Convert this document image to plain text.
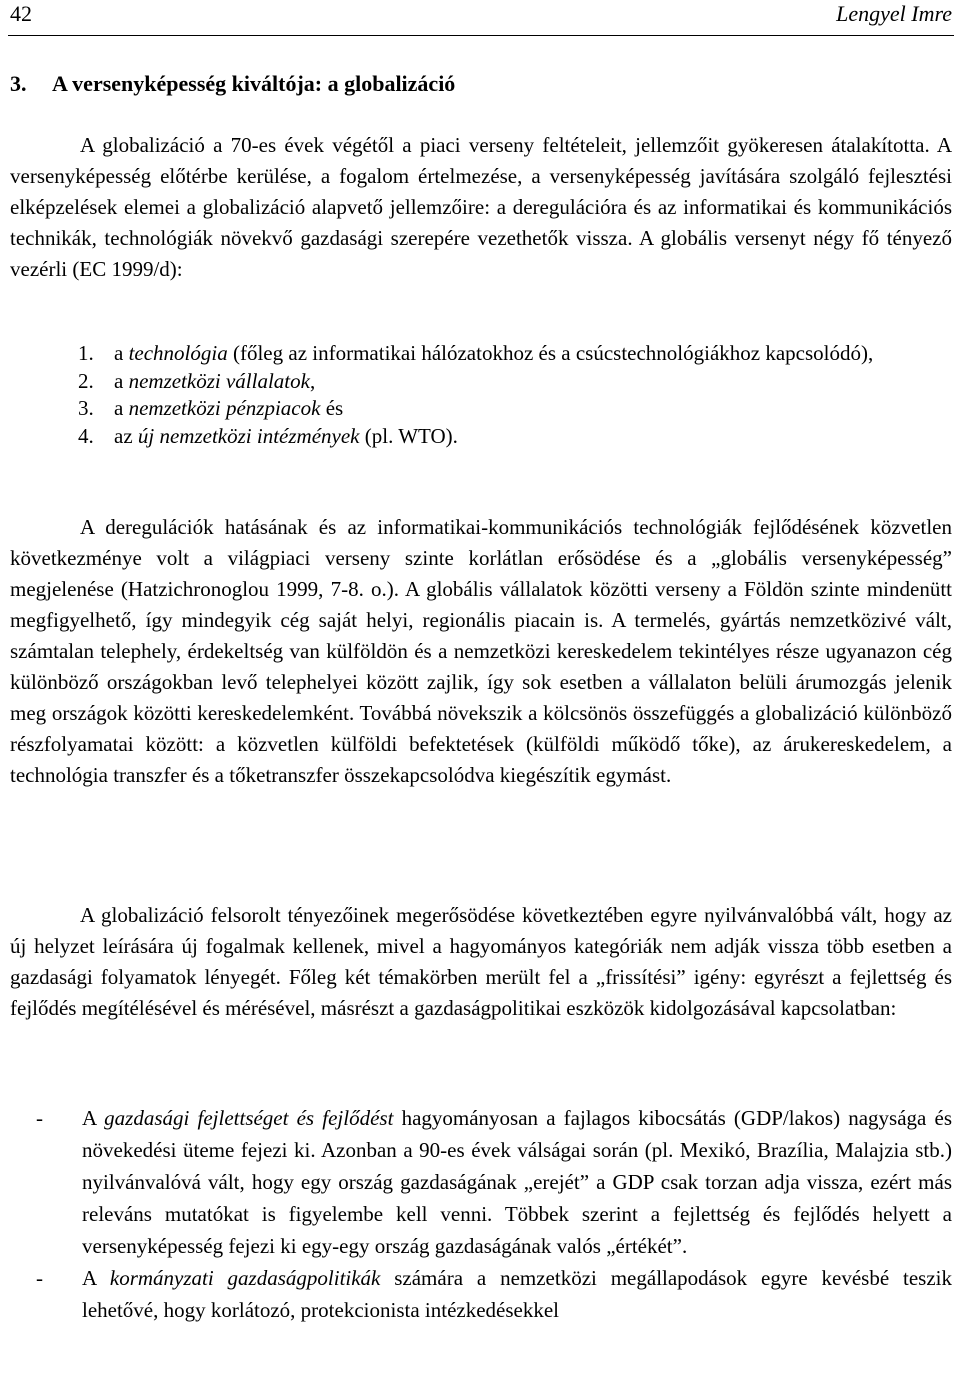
42	Lengyel Imre
3. A versenyképesség kiváltója: a globalizáció

A globalizáció a 70-es évek végétől a piaci verseny feltételeit, jellemzőit gyökeresen átalakította. A versenyképesség előtérbe kerülése, a fogalom értelmezése, a versenyképesség javítására szolgáló fejlesztési elképzelések elemei a globalizáció alapvető jellemzőire: a deregulációra és az informatikai és kommunikációs technikák, technológiák növekvő gazdasági szerepére vezethetők vissza. A globális versenyt négy fő tényező vezérli (EC 1999/d):

1. a technológia (főleg az informatikai hálózatokhoz és a csúcstechnológiákhoz kapcsolódó),
2. a nemzetközi vállalatok,
3. a nemzetközi pénzpiacok és
4. az új nemzetközi intézmények (pl. WTO).

A deregulációk hatásának és az informatikai-kommunikációs technológiák fejlődésének közvetlen következménye volt a világpiaci verseny szinte korlátlan erősödése és a „globális versenyképesség” megjelenése (Hatzichronoglou 1999, 7-8. o.). A globális vállalatok közötti verseny a Földön szinte mindenütt megfigyelhető, így mindegyik cég saját helyi, regionális piacain is. A termelés, gyártás nemzetközivé vált, számtalan telephely, érdekeltség van külföldön és a nemzetközi kereskedelem tekintélyes része ugyanazon cég különböző országokban levő telephelyei között zajlik, így sok esetben a vállalaton belüli árumozgás jelenik meg országok közötti kereskedelemként. Továbbá növekszik a kölcsönös összefüggés a globalizáció különböző részfolyamatai között: a közvetlen külföldi befektetések (külföldi működő tőke), az árukereskedelem, a technológia transzfer és a tőketranszfer összekapcsolódva kiegészítik egymást.

A globalizáció felsorolt tényezőinek megerősödése következtében egyre nyilvánvalóbbá vált, hogy az új helyzet leírására új fogalmak kellenek, mivel a hagyományos kategóriák nem adják vissza több esetben a gazdasági folyamatok lényegét. Főleg két témakörben merült fel a „frissítési” igény: egyrészt a fejlettség és fejlődés megítélésével és mérésével, másrészt a gazdaságpolitikai eszközök kidolgozásával kapcsolatban:

- A gazdasági fejlettséget és fejlődést hagyományosan a fajlagos kibocsátás (GDP/lakos) nagysága és növekedési üteme fejezi ki. Azonban a 90-es évek válságai során (pl. Mexikó, Brazília, Malajzia stb.) nyilvánvalóvá vált, hogy egy ország gazdaságának „erejét” a GDP csak torzan adja vissza, ezért más releváns mutatókat is figyelembe kell venni. Többek szerint a fejlettség és fejlődés helyett a versenyképesség fejezi ki egy-egy ország gazdaságának valós „értékét”.
- A kormányzati gazdaságpolitikák számára a nemzetközi megállapodások egyre kevésbé teszik lehetővé, hogy korlátozó, protekcionista intézkedésekkel
